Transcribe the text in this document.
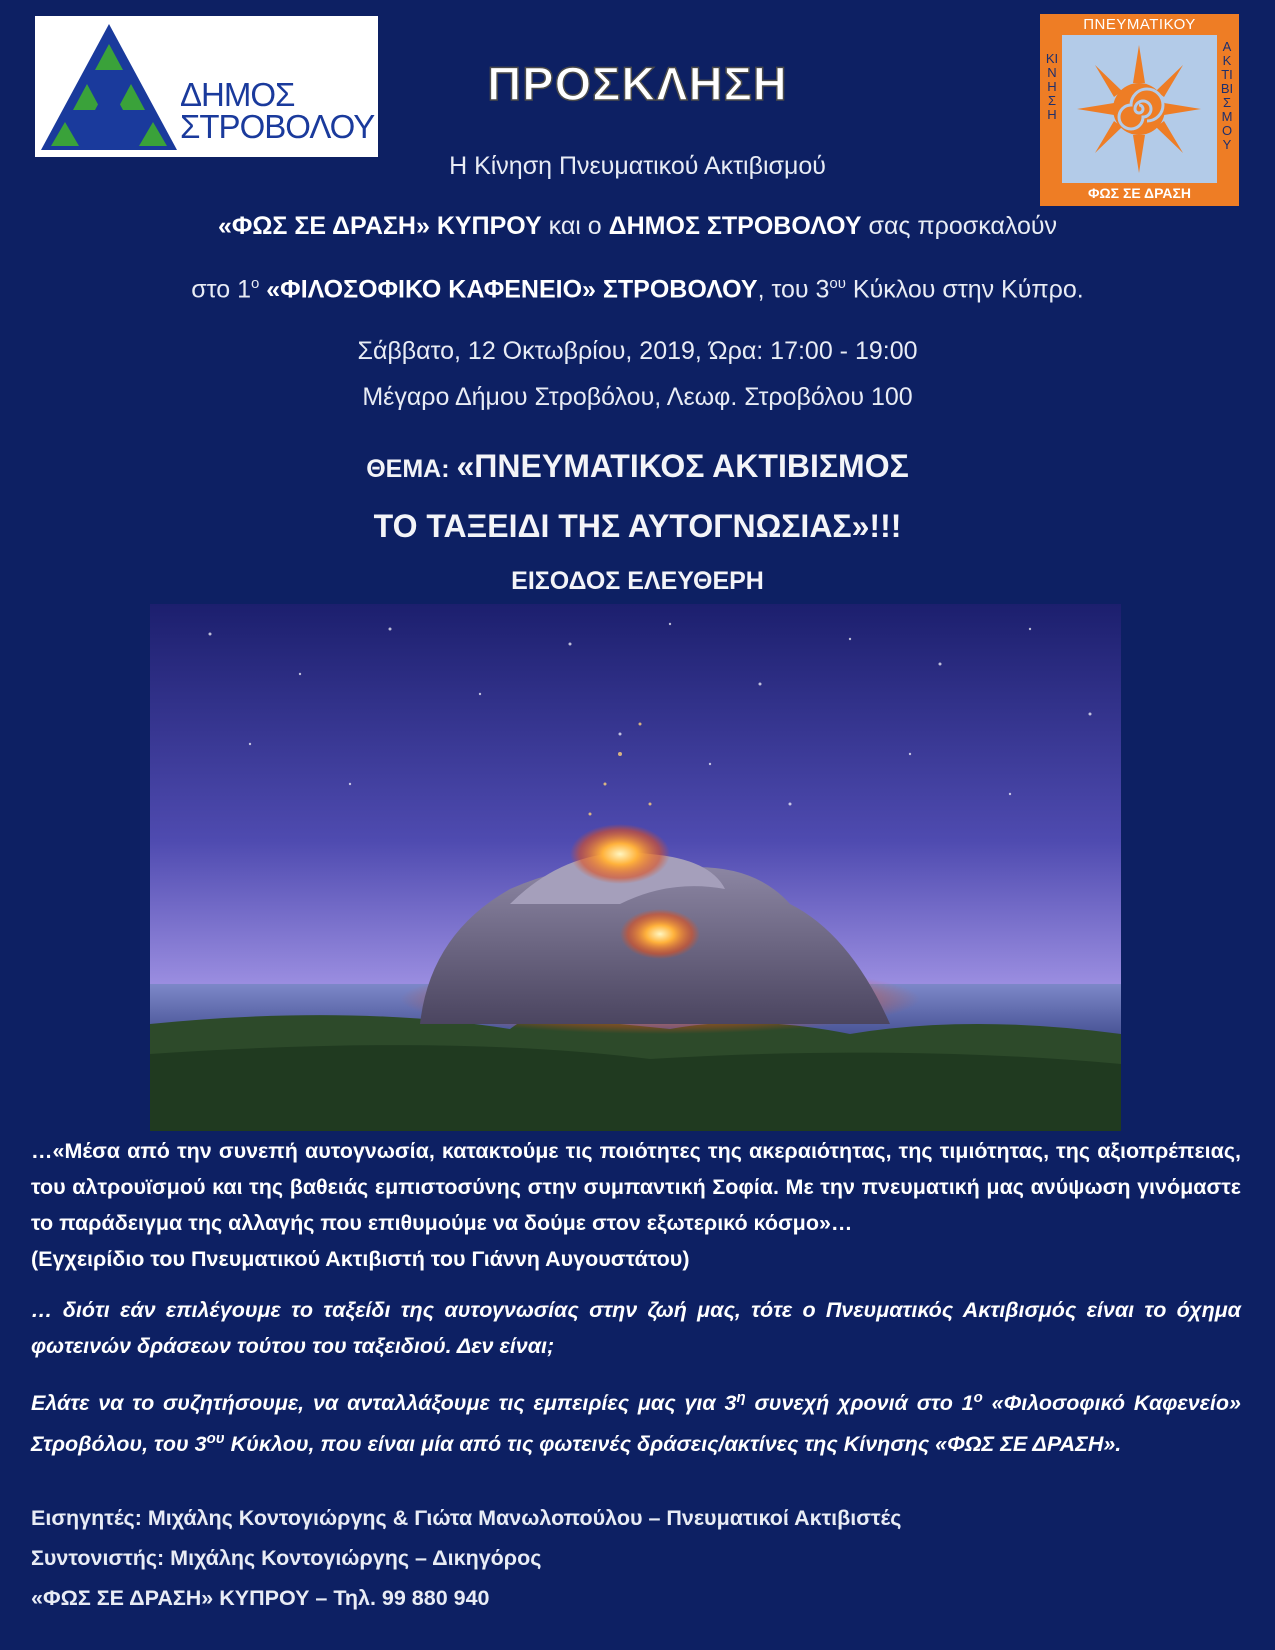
ΔΗΜΟΣ
ΣΤΡΟΒΟΛΟΥ
ΠΡΟΣΚΛΗΣΗ
ΠΝΕΥΜΑΤΙΚΟΥ
ΚΙΝΗΣΗ
ΑΚΤΙΒΙΣΜΟΥ
ΦΩΣ ΣΕ ΔΡΑΣΗ
Η Κίνηση Πνευματικού Ακτιβισμού
«ΦΩΣ ΣΕ ΔΡΑΣΗ» ΚΥΠΡΟΥ και ο ΔΗΜΟΣ ΣΤΡΟΒΟΛΟΥ σας προσκαλούν
στο $1^o$ «ΦΙΛΟΣΟΦΙΚΟ ΚΑΦΕΝΕΙΟ» ΣΤΡΟΒΟΛΟΥ, του $3^{o\upsilon}$ Κύκλου στην Κύπρο.
Σάββατο, 12 Οκτωβρίου, 2019, Ώρα: 17:00 - 19:00
Μέγαρο Δήμου Στροβόλου, Λεωφ. Στροβόλου 100
ΘΕΜΑ: «ΠΝΕΥΜΑΤΙΚΟΣ ΑΚΤΙΒΙΣΜΟΣ
ΤΟ ΤΑΞΕΙΔΙ ΤΗΣ ΑΥΤΟΓΝΩΣΙΑΣ»!!!
ΕΙΣΟΔΟΣ ΕΛΕΥΘΕΡΗ
…«Μέσα από την συνεπή αυτογνωσία, κατακτούμε τις ποιότητες της ακεραιότητας, της τιμιότητας, της αξιοπρέπειας, του αλτρουϊσμού και της βαθειάς εμπιστοσύνης στην συμπαντική Σοφία. Με την πνευματική μας ανύψωση γινόμαστε το παράδειγμα της αλλαγής που επιθυμούμε να δούμε στον εξωτερικό κόσμο»…
(Εγχειρίδιο του Πνευματικού Ακτιβιστή του Γιάννη Αυγουστάτου)
… διότι εάν επιλέγουμε το ταξείδι της αυτογνωσίας στην ζωή μας, τότε ο Πνευματικός Ακτιβισμός είναι το όχημα φωτεινών δράσεων τούτου του ταξειδιού. Δεν είναι;
Ελάτε να το συζητήσουμε, να ανταλλάξουμε τις εμπειρίες μας για $3^\eta$ συνεχή χρονιά στο $1^o$ «Φιλοσοφικό Καφενείο» Στροβόλου, του $3^{o\upsilon}$ Κύκλου, που είναι μία από τις φωτεινές δράσεις/ακτίνες της Κίνησης «ΦΩΣ ΣΕ ΔΡΑΣΗ».
Εισηγητές: Μιχάλης Κοντογιώργης & Γιώτα Μανωλοπούλου – Πνευματικοί Ακτιβιστές
Συντονιστής: Μιχάλης Κοντογιώργης – Δικηγόρος
«ΦΩΣ ΣΕ ΔΡΑΣΗ» ΚΥΠΡΟΥ – Τηλ. 99 880 940
